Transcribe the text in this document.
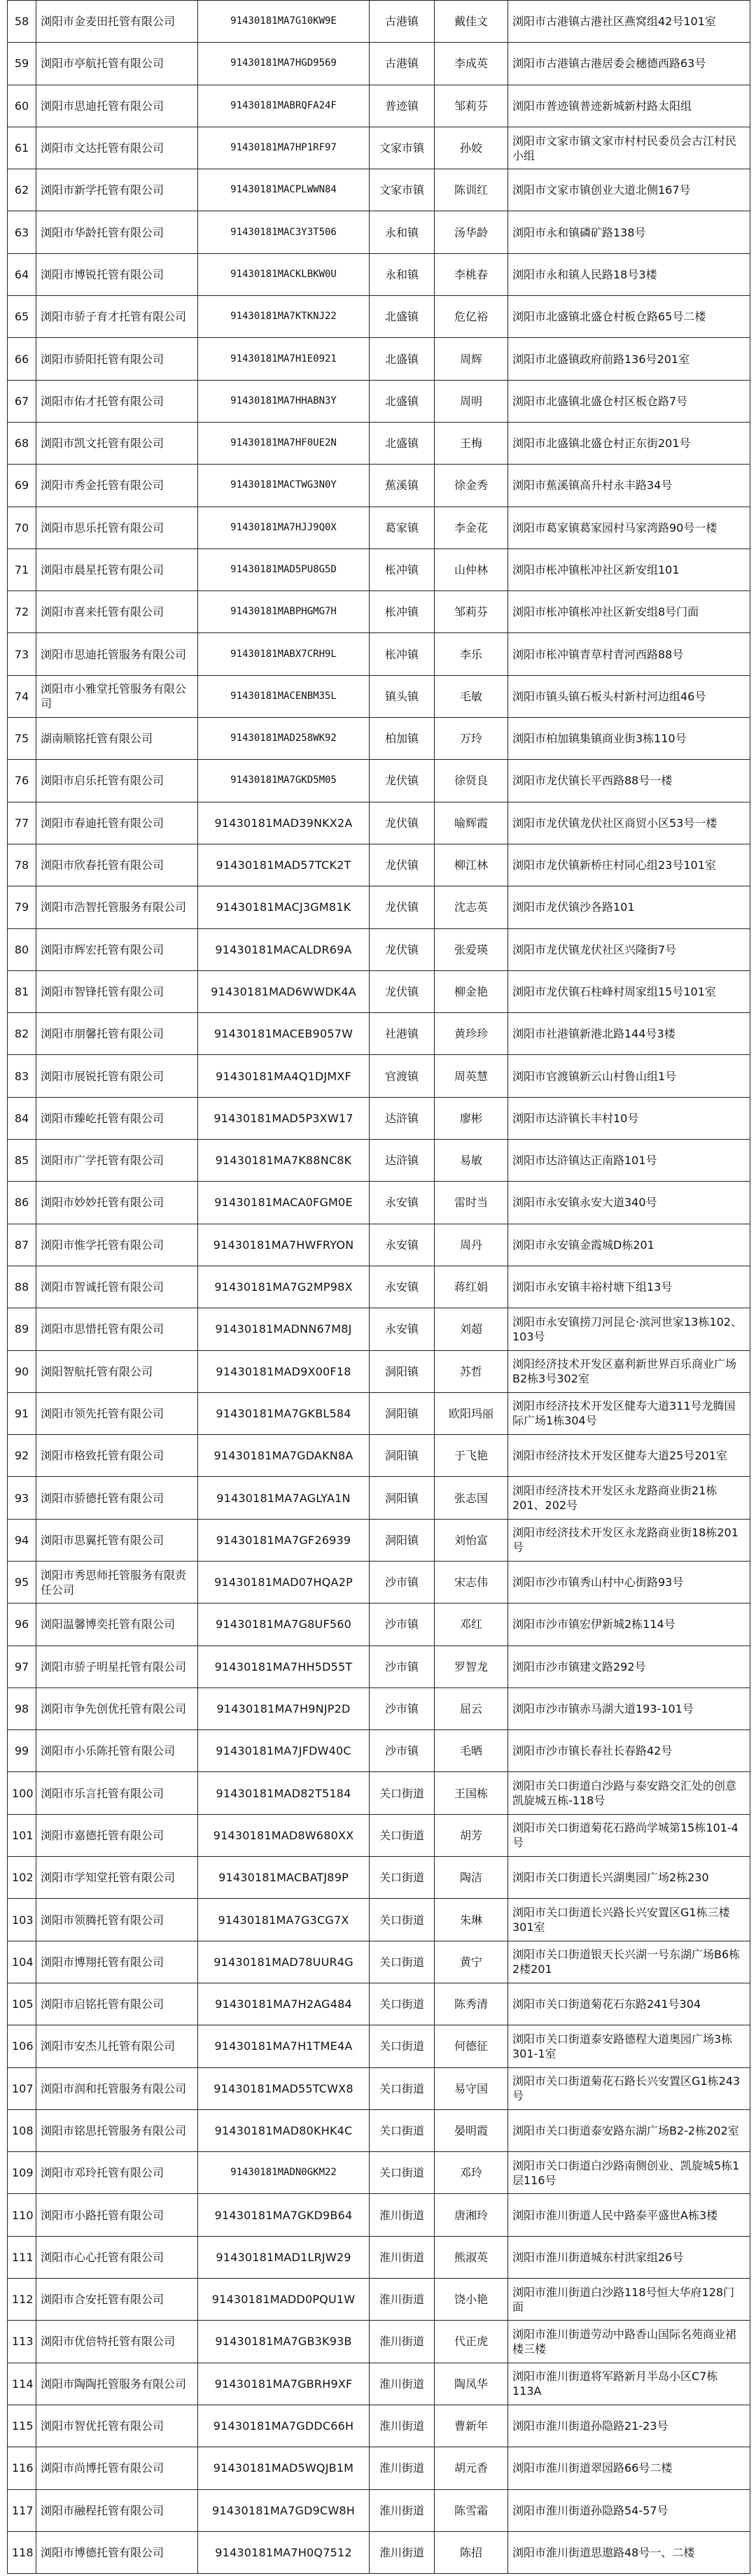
58	浏阳市金麦田托管有限公司	91430181MA7G10KW9E	古港镇	戴佳文	浏阳市古港镇古港社区燕窝组42号101室
59	浏阳市亭航托管有限公司	91430181MA7HGD9569	古港镇	李成英	浏阳市古港镇古港居委会穗德西路63号
60	浏阳市思迪托管有限公司	91430181MABRQFA24F	普迹镇	邹莉芬	浏阳市普迹镇普迹新城新村路太阳组
61	浏阳市文达托管有限公司	91430181MA7HP1RF97	文家市镇	孙姣	浏阳市文家市镇文家市村村民委员会古江村民小组
62	浏阳市新学托管有限公司	91430181MACPLWWN84	文家市镇	陈训红	浏阳市文家市镇创业大道北侧167号
63	浏阳市华龄托管有限公司	91430181MAC3Y3T506	永和镇	汤华龄	浏阳市永和镇磷矿路138号
64	浏阳市博锐托管有限公司	91430181MACKLBKW0U	永和镇	李桃春	浏阳市永和镇人民路18号3楼
65	浏阳市骄子育才托管有限公司	91430181MA7KTKNJ22	北盛镇	危亿裕	浏阳市北盛镇北盛仓村板仓路65号二楼
66	浏阳市骄阳托管有限公司	91430181MA7H1E0921	北盛镇	周辉	浏阳市北盛镇政府前路136号201室
67	浏阳市佑才托管有限公司	91430181MA7HHABN3Y	北盛镇	周明	浏阳市北盛镇北盛仓村区板仓路7号
68	浏阳市凯文托管有限公司	91430181MA7HF0UE2N	北盛镇	王梅	浏阳市北盛镇北盛仓村正东街201号
69	浏阳市秀金托管有限公司	91430181MACTWG3N0Y	蕉溪镇	徐金秀	浏阳市蕉溪镇高升村永丰路34号
70	浏阳市思乐托管有限公司	91430181MA7HJJ9Q0X	葛家镇	李金花	浏阳市葛家镇葛家园村马家湾路90号一楼
71	浏阳市晨星托管有限公司	91430181MAD5PU8G5D	枨冲镇	山仲林	浏阳市枨冲镇枨冲社区新安组101
72	浏阳市喜来托管有限公司	91430181MABPHGMG7H	枨冲镇	邹莉芬	浏阳市枨冲镇枨冲社区新安组8号门面
73	浏阳市思迪托管服务有限公司	91430181MABX7CRH9L	枨冲镇	李乐	浏阳市枨冲镇青草村青河西路88号
74	浏阳市小雅堂托管服务有限公司	91430181MACENBM35L	镇头镇	毛敏	浏阳市镇头镇石板头村新村河边组46号
75	湖南顺铭托管有限公司	91430181MAD258WK92	柏加镇	万玲	浏阳市柏加镇集镇商业街3栋110号
76	浏阳市启乐托管有限公司	91430181MA7GKD5M05	龙伏镇	徐贤良	浏阳市龙伏镇长平西路88号一楼
77	浏阳市春迪托管有限公司	91430181MAD39NKX2A	龙伏镇	喻辉霞	浏阳市龙伏镇龙伏社区商贸小区53号一楼
78	浏阳市欣春托管有限公司	91430181MAD57TCK2T	龙伏镇	柳江林	浏阳市龙伏镇新桥庄村同心组23号101室
79	浏阳市浩智托管服务有限公司	91430181MACJ3GM81K	龙伏镇	沈志英	浏阳市龙伏镇沙各路101
80	浏阳市辉宏托管有限公司	91430181MACALDR69A	龙伏镇	张爱瑛	浏阳市龙伏镇龙伏社区兴隆街7号
81	浏阳市智锋托管有限公司	91430181MAD6WWDK4A	龙伏镇	柳金艳	浏阳市龙伏镇石柱峰村周家组15号101室
82	浏阳市朋馨托管有限公司	91430181MACEB9057W	社港镇	黄珍珍	浏阳市社港镇新港北路144号3楼
83	浏阳市展锐托管有限公司	91430181MA4Q1DJMXF	官渡镇	周英慧	浏阳市官渡镇新云山村鲁山组1号
84	浏阳市臻屹托管有限公司	91430181MAD5P3XW17	达浒镇	廖彬	浏阳市达浒镇长丰村10号
85	浏阳市广学托管有限公司	91430181MA7K88NC8K	达浒镇	易敏	浏阳市达浒镇达正南路101号
86	浏阳市妙妙托管有限公司	91430181MACA0FGM0E	永安镇	雷时当	浏阳市永安镇永安大道340号
87	浏阳市惟学托管有限公司	91430181MA7HWFRYON	永安镇	周丹	浏阳市永安镇金霞城D栋201
88	浏阳市智诚托管有限公司	91430181MA7G2MP98X	永安镇	蒋红娟	浏阳市永安镇丰裕村塘下组13号
89	浏阳市思惜托管有限公司	91430181MADNN67M8J	永安镇	刘超	浏阳市永安镇捞刀河昆仑·滨河世家13栋102、103号
90	浏阳智航托管有限公司	91430181MAD9X00F18	洞阳镇	苏哲	浏阳经济技术开发区嘉利新世界百乐商业广场B2栋3号302室
91	浏阳市领先托管有限公司	91430181MA7GKBL584	洞阳镇	欧阳玛丽	浏阳市经济技术开发区健寿大道311号龙腾国际广场1栋304号
92	浏阳市格致托管有限公司	91430181MA7GDAKN8A	洞阳镇	于飞艳	浏阳市经济技术开发区健寿大道25号201室
93	浏阳市骄德托管有限公司	91430181MA7AGLYA1N	洞阳镇	张志国	浏阳市经济技术开发区永龙路商业街21栋201、202号
94	浏阳市思翼托管有限公司	91430181MA7GF26939	洞阳镇	刘怡富	浏阳市经济技术开发区永龙路商业街18栋201号
95	浏阳市秀思师托管服务有限责任公司	91430181MAD07HQA2P	沙市镇	宋志伟	浏阳市沙市镇秀山村中心街路93号
96	浏阳温馨博奕托管有限公司	91430181MA7G8UF560	沙市镇	邓红	浏阳市沙市镇宏伊新城2栋114号
97	浏阳市骄子明星托管有限公司	91430181MA7HH5D55T	沙市镇	罗智龙	浏阳市沙市镇建文路292号
98	浏阳市争先创优托管有限公司	91430181MA7H9NJP2D	沙市镇	屈云	浏阳市沙市镇赤马湖大道193-101号
99	浏阳市小乐陈托管有限公司	91430181MA7JFDW40C	沙市镇	毛晒	浏阳市沙市镇长春社长春路42号
100	浏阳市乐言托管有限公司	91430181MAD82T5184	关口街道	王国栋	浏阳市关口街道白沙路与泰安路交汇处的创意凯旋城五栋-118号
101	浏阳市嘉德托管有限公司	91430181MAD8W680XX	关口街道	胡芳	浏阳市关口街道菊花石路尚学城第15栋101-4号
102	浏阳市学知堂托管有限公司	91430181MACBATJ89P	关口街道	陶洁	浏阳市关口街道长兴湖奥园广场2栋230
103	浏阳市领腾托管有限公司	91430181MA7G3CG7X	关口街道	朱琳	浏阳市关口街道长兴路长兴安置区G1栋三楼301室
104	浏阳市博翔托管有限公司	91430181MAD78UUR4G	关口街道	黄宁	浏阳市关口街道银天长兴湖一号东湖广场B6栋2楼201
105	浏阳市启铭托管有限公司	91430181MA7H2AG484	关口街道	陈秀清	浏阳市关口街道菊花石东路241号304
106	浏阳市安杰儿托管有限公司	91430181MA7H1TME4A	关口街道	何德征	浏阳市关口街道泰安路德程大道奥园广场3栋301-1室
107	浏阳市润和托管服务有限公司	91430181MAD55TCWX8	关口街道	易守国	浏阳市关口街道菊花石路长兴安置区G1栋243号
108	浏阳市铭思托管服务有限公司	91430181MAD80KHK4C	关口街道	晏明霞	浏阳市关口街道泰安路东湖广场B2-2栋202室
109	浏阳市邓玲托管有限公司	91430181MADN0GKM22	关口街道	邓玲	浏阳市关口街道白沙路南侧创业、凯旋城5栋1层116号
110	浏阳市小路托管有限公司	91430181MA7GKD9B64	淮川街道	唐湘玲	浏阳市淮川街道人民中路泰平盛世A栋3楼
111	浏阳市心心托管有限公司	91430181MAD1LRJW29	淮川街道	熊淑英	浏阳市淮川街道城东村洪家组26号
112	浏阳市合安托管有限公司	91430181MADD0PQU1W	淮川街道	饶小艳	浏阳市淮川街道白沙路118号恒大华府128门面
113	浏阳市优倍特托管有限公司	91430181MA7GB3K93B	淮川街道	代正虎	浏阳市淮川街道劳动中路香山国际名苑商业裙楼三楼
114	浏阳市陶陶托管服务有限公司	91430181MA7GBRH9XF	淮川街道	陶凤华	浏阳市淮川街道将军路新月半岛小区C7栋113A
115	浏阳市智优托管有限公司	91430181MA7GDDC66H	淮川街道	曹新年	浏阳市淮川街道孙隐路21-23号
116	浏阳市尚博托管有限公司	91430181MAD5WQJB1M	淮川街道	胡元香	浏阳市淮川街道翠园路66号二楼
117	浏阳市融程托管有限公司	91430181MA7GD9CW8H	淮川街道	陈雪霜	浏阳市淮川街道孙隐路54-57号
118	浏阳市博德托管有限公司	91430181MA7H0Q7512	淮川街道	陈招	浏阳市淮川街道思遨路48号一、二楼
